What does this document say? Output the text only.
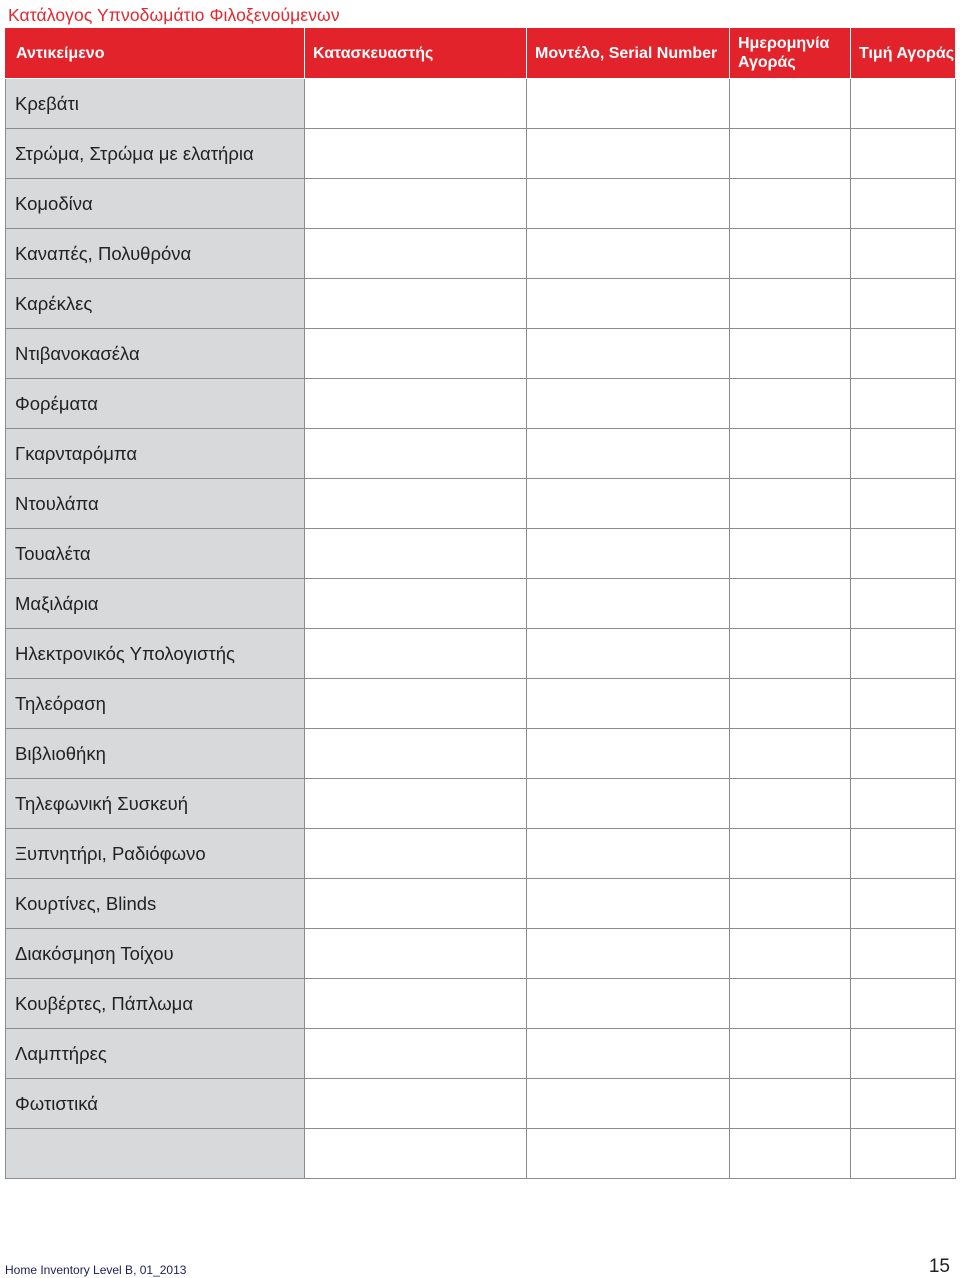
Κατάλογος Υπνοδωμάτιο Φιλοξενούμενων
Αντικείμενο	Κατασκευαστής	Μοντέλο, Serial Number	Ημερομηνία Αγοράς	Τιμή Αγοράς
Κρεβάτι				
Στρώμα, Στρώμα με ελατήρια				
Κομοδίνα				
Καναπές, Πολυθρόνα				
Καρέκλες				
Ντιβανοκασέλα				
Φορέματα				
Γκαρνταρόμπα				
Ντουλάπα				
Τουαλέτα				
Μαξιλάρια				
Ηλεκτρονικός Υπολογιστής				
Τηλεόραση				
Βιβλιοθήκη				
Τηλεφωνική Συσκευή				
Ξυπνητήρι, Ραδιόφωνο				
Κουρτίνες, Blinds				
Διακόσμηση Τοίχου				
Κουβέρτες, Πάπλωμα				
Λαμπτήρες				
Φωτιστικά				

Home Inventory Level B, 01_2013	15
